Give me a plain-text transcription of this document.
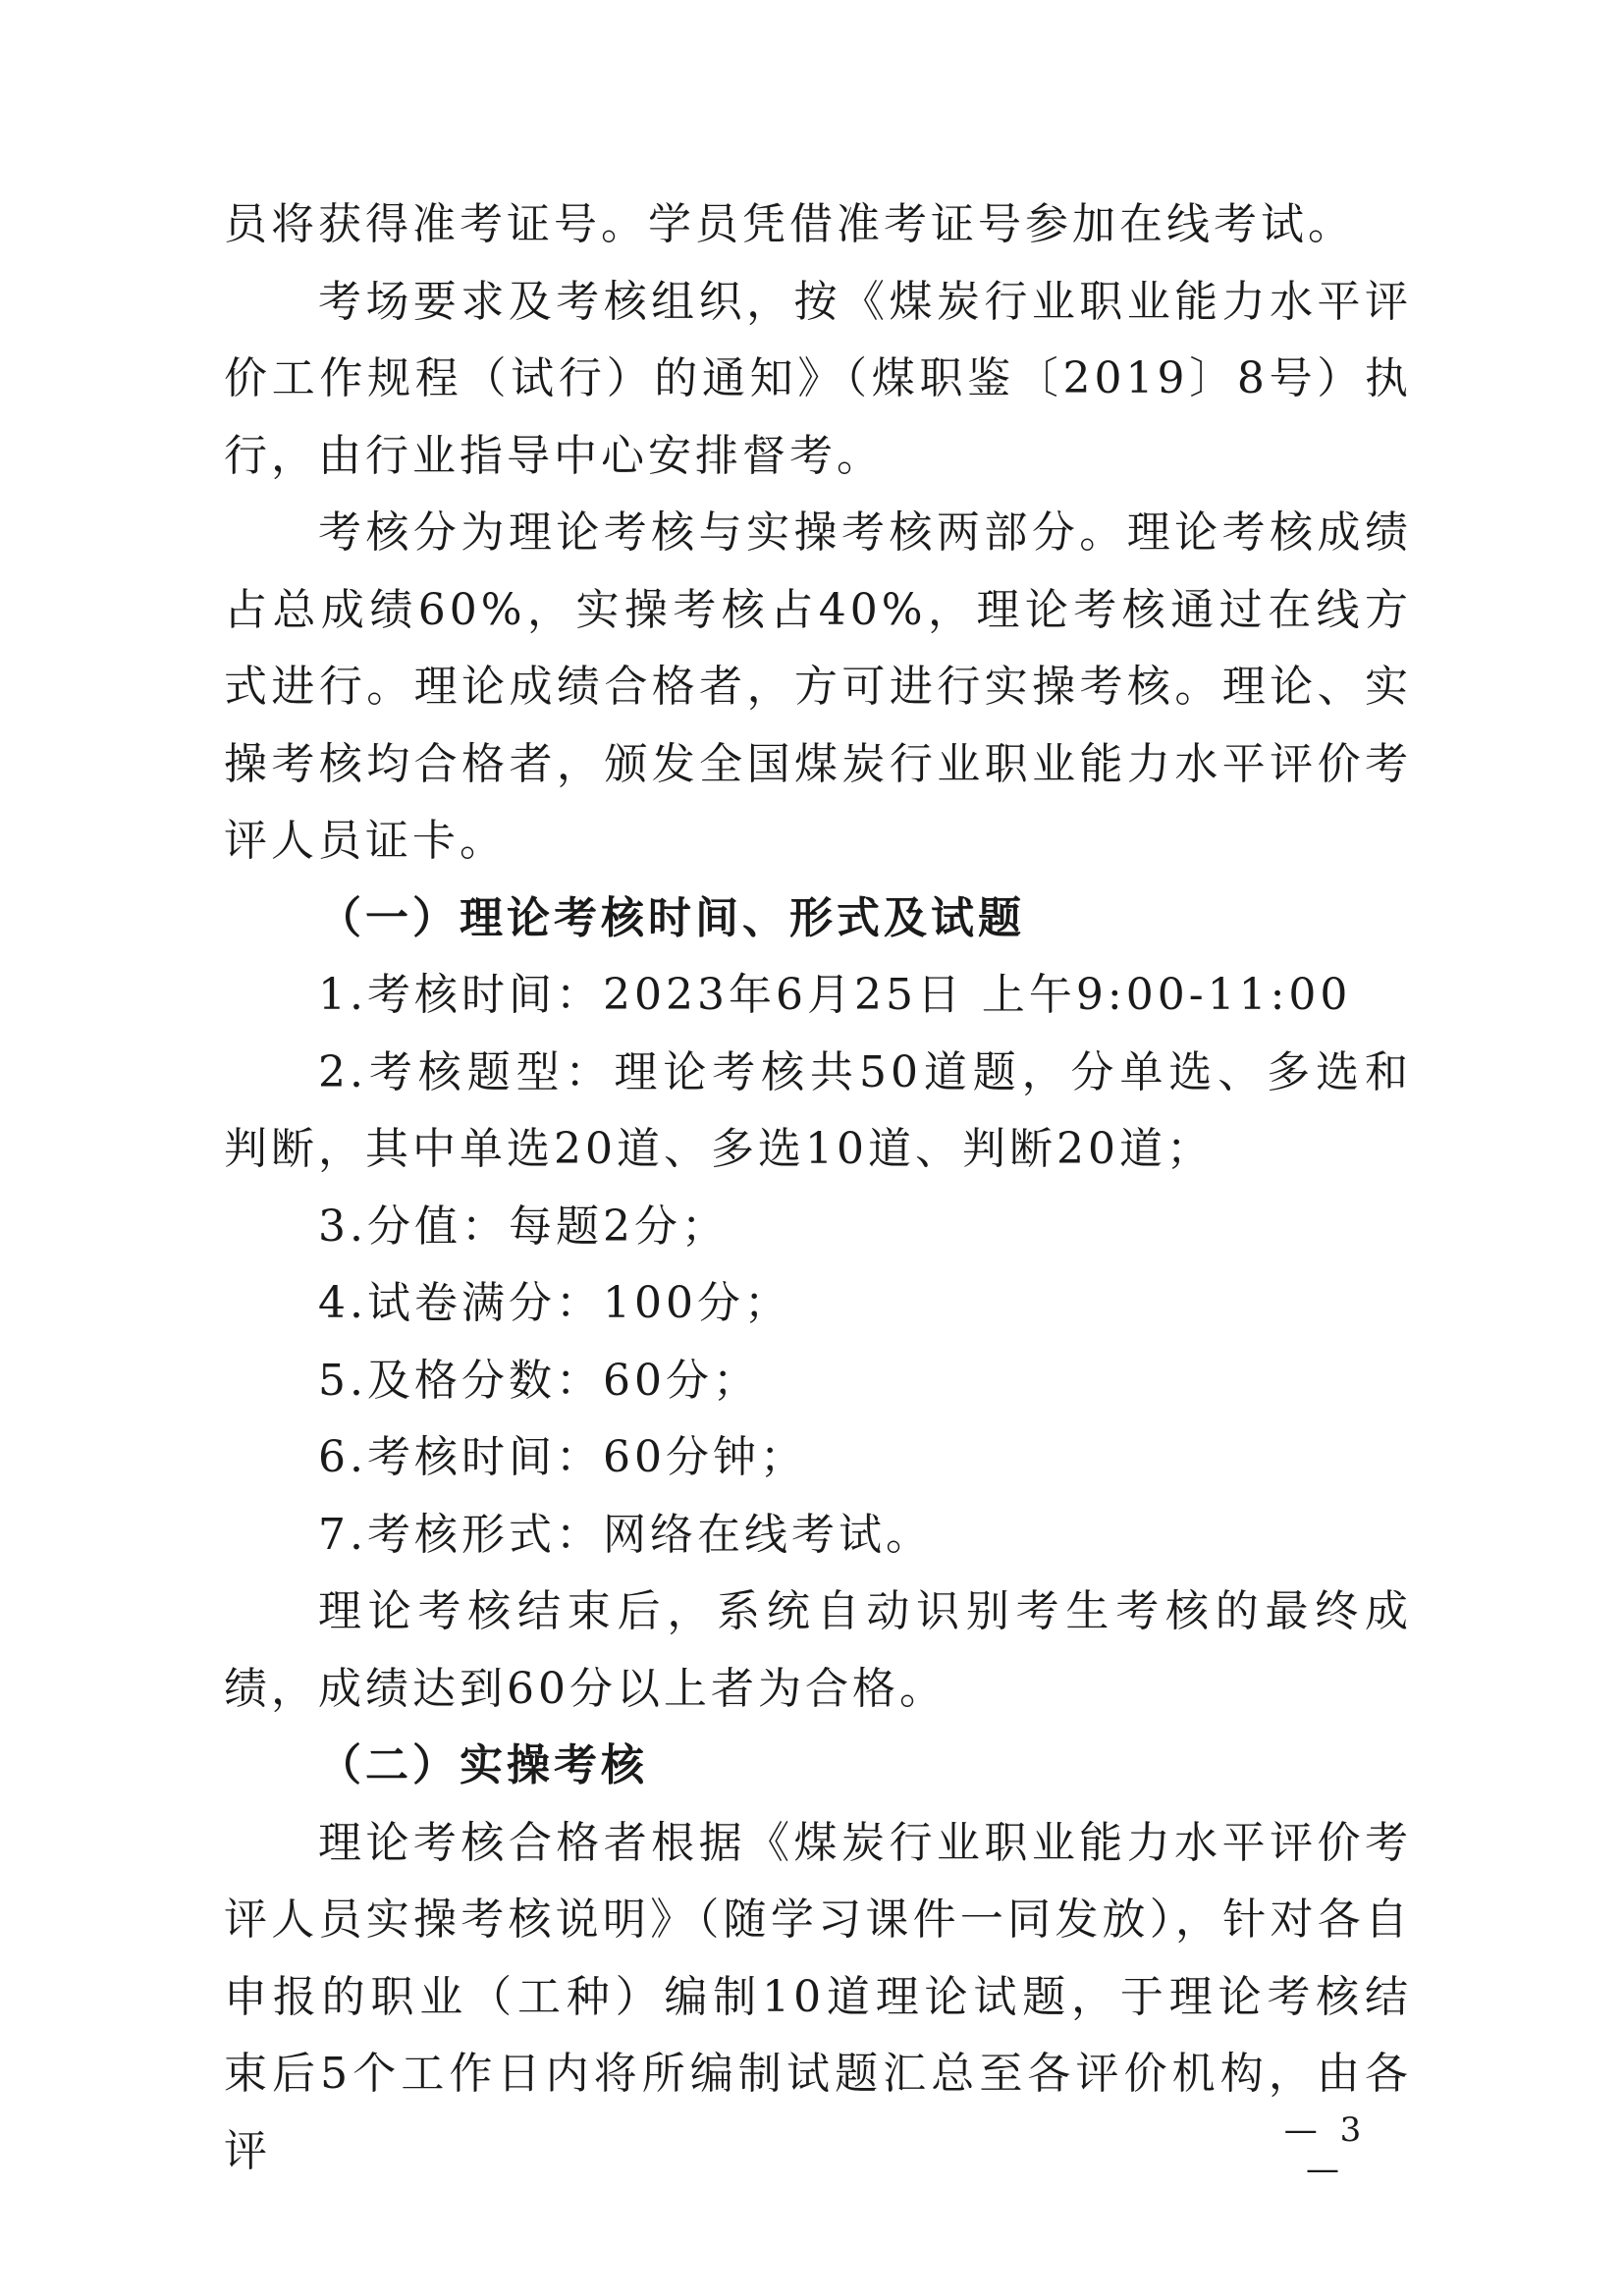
员将获得准考证号。学员凭借准考证号参加在线考试。

考场要求及考核组织，按《煤炭行业职业能力水平评价工作规程（试行）的通知》（煤职鉴〔2019〕8号）执行，由行业指导中心安排督考。

考核分为理论考核与实操考核两部分。理论考核成绩占总成绩60%，实操考核占40%，理论考核通过在线方式进行。理论成绩合格者，方可进行实操考核。理论、实操考核均合格者，颁发全国煤炭行业职业能力水平评价考评人员证卡。

（一）理论考核时间、形式及试题

1.考核时间：2023年6月25日 上午9:00-11:00

2.考核题型：理论考核共50道题，分单选、多选和判断，其中单选20道、多选10道、判断20道；

3.分值：每题2分；

4.试卷满分：100分；

5.及格分数：60分；

6.考核时间：60分钟；

7.考核形式：网络在线考试。

理论考核结束后，系统自动识别考生考核的最终成绩，成绩达到60分以上者为合格。

（二）实操考核

理论考核合格者根据《煤炭行业职业能力水平评价考评人员实操考核说明》（随学习课件一同发放），针对各自申报的职业（工种）编制10道理论试题，于理论考核结束后5个工作日内将所编制试题汇总至各评价机构，由各评	— 3 —
